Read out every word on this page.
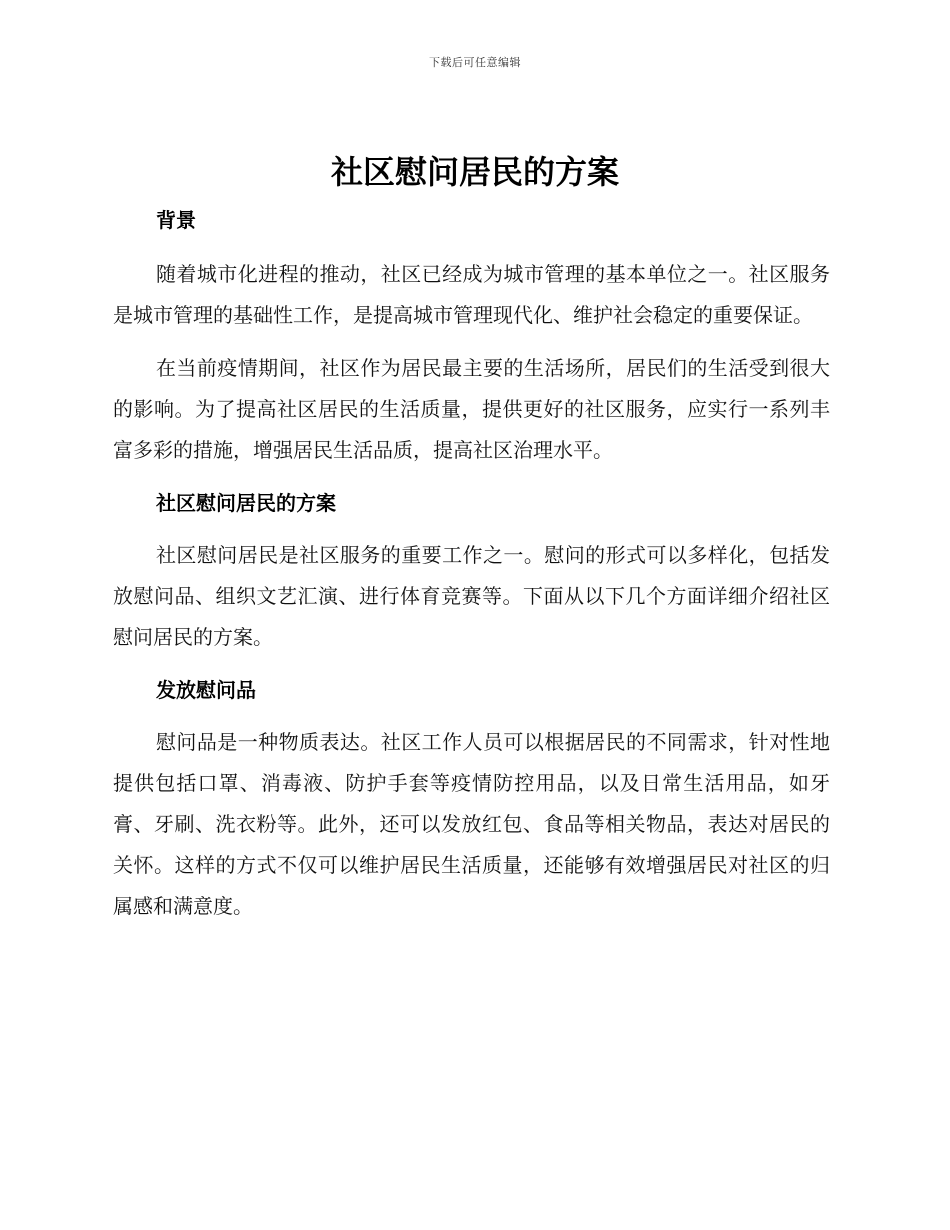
下载后可任意编辑
社区慰问居民的方案
背景

随着城市化进程的推动，社区已经成为城市管理的基本单位之一。社区服务是城市管理的基础性工作，是提高城市管理现代化、维护社会稳定的重要保证。

在当前疫情期间，社区作为居民最主要的生活场所，居民们的生活受到很大的影响。为了提高社区居民的生活质量，提供更好的社区服务，应实行一系列丰富多彩的措施，增强居民生活品质，提高社区治理水平。

社区慰问居民的方案

社区慰问居民是社区服务的重要工作之一。慰问的形式可以多样化，包括发放慰问品、组织文艺汇演、进行体育竞赛等。下面从以下几个方面详细介绍社区慰问居民的方案。

发放慰问品

慰问品是一种物质表达。社区工作人员可以根据居民的不同需求，针对性地提供包括口罩、消毒液、防护手套等疫情防控用品，以及日常生活用品，如牙膏、牙刷、洗衣粉等。此外，还可以发放红包、食品等相关物品，表达对居民的关怀。这样的方式不仅可以维护居民生活质量，还能够有效增强居民对社区的归属感和满意度。
